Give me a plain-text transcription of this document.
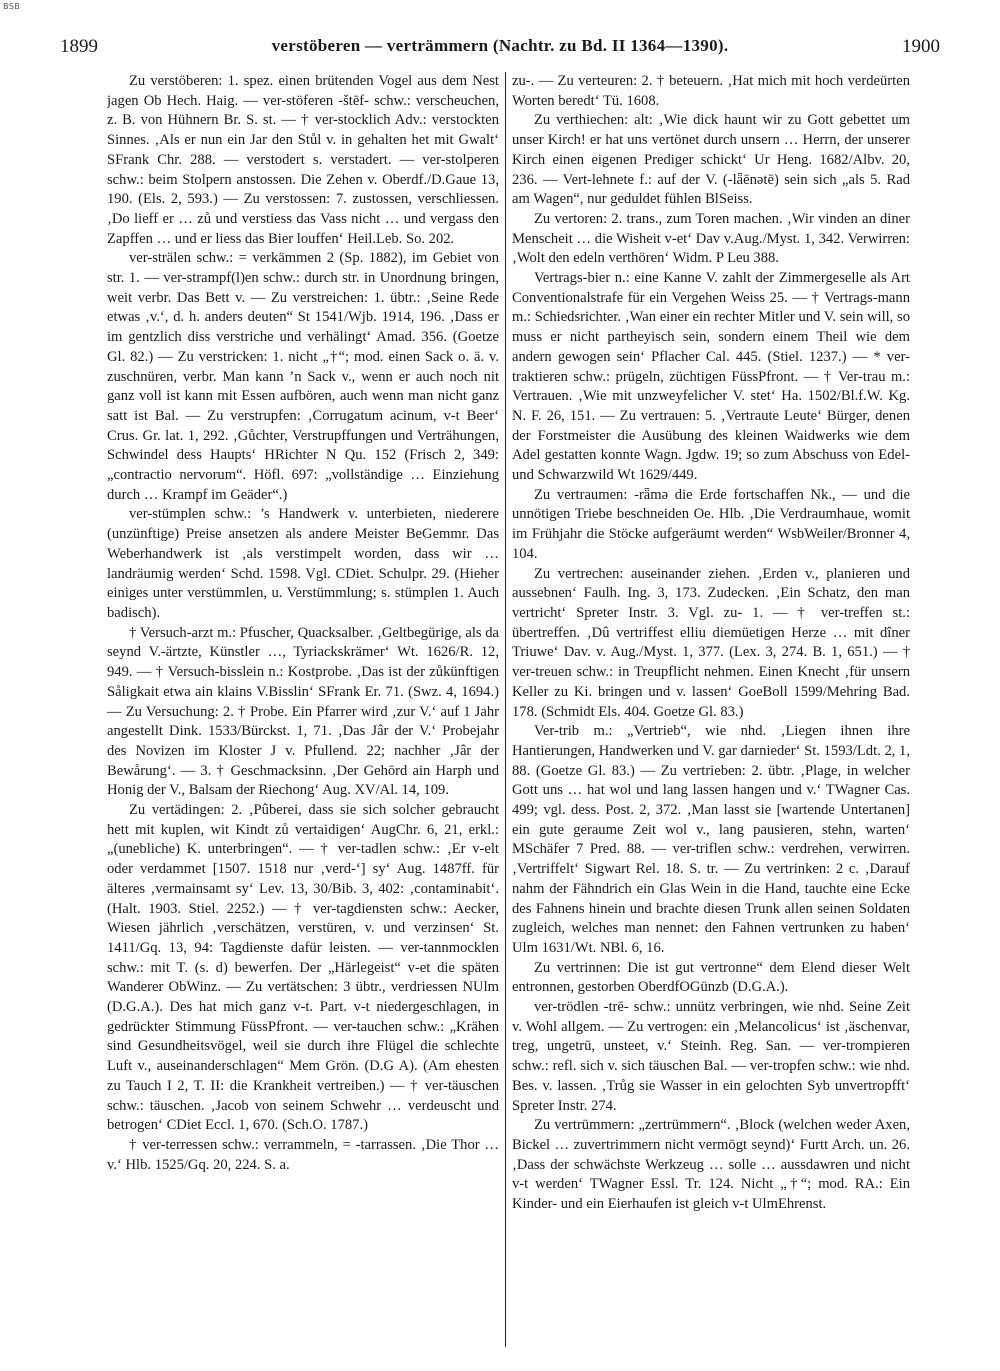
BSB
1899	verstöberen — verträmmern (Nachtr. zu Bd. II 1364—1390).	1900

Zu verstöberen: 1. spez. einen brütenden Vogel aus dem Nest jagen Ob Hech. Haig. — ver-stöferen -štēf- schw.: verscheuchen, z. B. von Hühnern Br. S. st. — † ver-stocklich Adv.: verstockten Sinnes. ‚Als er nun ein Jar den Stůl v. in gehalten het mit Gwalt‘ SFrank Chr. 288. — verstodert s. verstadert. — ver-stolperen schw.: beim Stolpern anstossen. Die Zehen v. Oberdf./D.Gaue 13, 190. (Els. 2, 593.) — Zu verstossen: 7. zustossen, verschliessen. ‚Do lieff er … zů und verstiess das Vass nicht … und vergass den Zapffen … und er liess das Bier louffen‘ Heil.Leb. So. 202.

ver-strälen schw.: = verkämmen 2 (Sp. 1882), im Gebiet von str. 1. — ver-strampf(l)en schw.: durch str. in Unordnung bringen, weit verbr. Das Bett v. — Zu verstreichen: 1. übtr.: ‚Seine Rede etwas ‚v.‘, d. h. anders deuten“ St 1541/Wjb. 1914, 196. ‚Dass er im gentzlich diss verstriche und verhälingt‘ Amad. 356. (Goetze Gl. 82.) — Zu verstricken: 1. nicht „†“; mod. einen Sack o. ä. v. zuschnüren, verbr. Man kann ’n Sack v., wenn er auch noch nit ganz voll ist kann mit Essen aufbören, auch wenn man nicht ganz satt ist Bal. — Zu verstrupfen: ‚Corrugatum acinum, v-t Beer‘ Crus. Gr. lat. 1, 292. ‚Gůchter, Verstrupffungen und Verträhungen, Schwindel dess Haupts‘ HRichter N Qu. 152 (Frisch 2, 349: „contractio nervorum“. Höfl. 697: „vollständige … Einziehung durch … Krampf im Geäder“.)

ver-stümplen schw.: ’s Handwerk v. unterbieten, niederere (unzünftige) Preise ansetzen als andere Meister BeGemmr. Das Weberhandwerk ist ‚als verstimpelt worden, dass wir … landräumig werden‘ Schd. 1598. Vgl. CDiet. Schulpr. 29. (Hieher einiges unter verstümmlen, u. Verstümmlung; s. stümplen 1. Auch badisch).

† Versuch-arzt m.: Pfuscher, Quacksalber. ‚Geltbegürige, als da seynd V.-ärtzte, Künstler …, Tyriackskrämer‘ Wt. 1626/R. 12, 949. — † Versuch-bisslein n.: Kostprobe. ‚Das ist der zůkünftigen Såligkait etwa ain klains V.Bisslin‘ SFrank Er. 71. (Swz. 4, 1694.) — Zu Versuchung: 2. † Probe. Ein Pfarrer wird ‚zur V.‘ auf 1 Jahr angestellt Dink. 1533/Bürckst. 1, 71. ‚Das Jâr der V.‘ Probejahr des Novizen im Kloster J v. Pfullend. 22; nachher ‚Jâr der Bewårung‘. — 3. † Geschmacksinn. ‚Der Gehōrd ain Harph und Honig der V., Balsam der Riechong‘ Aug. XV/Al. 14, 109.

Zu vertädingen: 2. ‚Pûberei, dass sie sich solcher gebraucht hett mit kuplen, wit Kindt zů vertaidigen‘ AugChr. 6, 21, erkl.: „(unebliche) K. unterbringen“. — † ver-tadlen schw.: ‚Er v-elt oder verdammet [1507. 1518 nur ‚verd-‘] sy‘ Aug. 1487ff. für älteres ‚vermainsamt sy‘ Lev. 13, 30/Bib. 3, 402: ‚contaminabit‘. (Halt. 1903. Stiel. 2252.) — † ver-tagdiensten schw.: Aecker, Wiesen jährlich ‚verschätzen, verstüren, v. und verzinsen‘ St. 1411/Gq. 13, 94: Tagdienste dafür leisten. — ver-tannmocklen schw.: mit T. (s. d) bewerfen. Der „Härlegeist“ v-et die späten Wanderer ObWinz. — Zu vertätschen: 3 übtr., verdriessen NUlm (D.G.A.). Des hat mich ganz v-t. Part. v-t niedergeschlagen, in gedrückter Stimmung FüssPfront. — ver-tauchen schw.: „Krähen sind Gesundheitsvögel, weil sie durch ihre Flügel die schlechte Luft v., auseinanderschlagen“ Mem Grön. (D.G A). (Am ehesten zu Tauch I 2, T. II: die Krankheit vertreiben.) — † ver-täuschen schw.: täuschen. ‚Jacob von seinem Schwehr … verdeuscht und betrogen‘ CDiet Eccl. 1, 670. (Sch.O. 1787.)

† ver-terressen schw.: verrammeln, = -tarrassen. ‚Die Thor … v.‘ Hlb. 1525/Gq. 20, 224. S. a.

zu-. — Zu verteuren: 2. † beteuern. ‚Hat mich mit hoch verdeürten Worten beredt‘ Tü. 1608.

Zu verthiechen: alt: ‚Wie dick haunt wir zu Gott gebettet um unser Kirch! er hat uns vertönet durch unsern … Herrn, der unserer Kirch einen eigenen Prediger schickt‘ Ur Heng. 1682/Albv. 20, 236. — Vert-lehnete f.: auf der V. (-lǟēnətē) sein sich „als 5. Rad am Wagen“, nur geduldet fühlen BlSeiss.

Zu vertoren: 2. trans., zum Toren machen. ‚Wir vinden an diner Menscheit … die Wisheit v-et‘ Dav v.Aug./Myst. 1, 342. Verwirren: ‚Wolt den edeln verthören‘ Widm. P Leu 388.

Vertrags-bier n.: eine Kanne V. zahlt der Zimmergeselle als Art Conventionalstrafe für ein Vergehen Weiss 25. — † Vertrags-mann m.: Schiedsrichter. ‚Wan einer ein rechter Mitler und V. sein will, so muss er nicht partheyisch sein, sondern einem Theil wie dem andern gewogen sein‘ Pflacher Cal. 445. (Stiel. 1237.) — * ver-traktieren schw.: prügeln, züchtigen FüssPfront. — † Ver-trau m.: Vertrauen. ‚Wie mit unzweyfelicher V. stet‘ Ha. 1502/Bl.f.W. Kg. N. F. 26, 151. — Zu vertrauen: 5. ‚Vertraute Leute‘ Bürger, denen der Forstmeister die Ausübung des kleinen Waidwerks wie dem Adel gestatten konnte Wagn. Jgdw. 19; so zum Abschuss von Edel- und Schwarzwild Wt 1629/449.

Zu vertraumen: -rǟmə die Erde fortschaffen Nk., — und die unnötigen Triebe beschneiden Oe. Hlb. ‚Die Verdraumhaue, womit im Frühjahr die Stöcke aufgeräumt werden“ WsbWeiler/Bronner 4, 104.

Zu vertrechen: auseinander ziehen. ‚Erden v., planieren und aussebnen‘ Faulh. Ing. 3, 173. Zudecken. ‚Ein Schatz, den man vertricht‘ Spreter Instr. 3. Vgl. zu- 1. — † ver-treffen st.: übertreffen. ‚Dû vertriffest elliu diemüetigen Herze … mit dîner Triuwe‘ Dav. v. Aug./Myst. 1, 377. (Lex. 3, 274. B. 1, 651.) — † ver-treuen schw.: in Treupflicht nehmen. Einen Knecht ‚für unsern Keller zu Ki. bringen und v. lassen‘ GoeBoll 1599/Mehring Bad. 178. (Schmidt Els. 404. Goetze Gl. 83.)

Ver-trib m.: „Vertrieb“, wie nhd. ‚Liegen ihnen ihre Hantierungen, Handwerken und V. gar darnieder‘ St. 1593/Ldt. 2, 1, 88. (Goetze Gl. 83.) — Zu vertrieben: 2. übtr. ‚Plage, in welcher Gott uns … hat wol und lang lassen hangen und v.‘ TWagner Cas. 499; vgl. dess. Post. 2, 372. ‚Man lasst sie [wartende Untertanen] ein gute geraume Zeit wol v., lang pausieren, stehn, warten‘ MSchäfer 7 Pred. 88. — ver-triflen schw.: verdrehen, verwirren. ‚Vertriffelt‘ Sigwart Rel. 18. S. tr. — Zu vertrinken: 2 c. ‚Darauf nahm der Fähndrich ein Glas Wein in die Hand, tauchte eine Ecke des Fahnens hinein und brachte diesen Trunk allen seinen Soldaten zugleich, welches man nennet: den Fahnen vertrunken zu haben‘ Ulm 1631/Wt. NBl. 6, 16.

Zu vertrinnen: Die ist gut vertronne“ dem Elend dieser Welt entronnen, gestorben OberdfOGünzb (D.G.A.).

ver-trödlen -trē- schw.: unnütz verbringen, wie nhd. Seine Zeit v. Wohl allgem. — Zu vertrogen: ein ‚Melancolicus‘ ist ‚äschenvar, treg, ungetrū, unsteet, v.‘ Steinh. Reg. San. — ver-trompieren schw.: refl. sich v. sich täuschen Bal. — ver-tropfen schw.: wie nhd. Bes. v. lassen. ‚Trůg sie Wasser in ein gelochten Syb unvertropfft‘ Spreter Instr. 274.

Zu vertrümmern: „zertrümmern“. ‚Block (welchen weder Axen, Bickel … zuvertrimmern nicht vermōgt seynd)‘ Furtt Arch. un. 26. ‚Dass der schwächste Werkzeug … solle … aussdawren und nicht v-t werden‘ TWagner Essl. Tr. 124. Nicht „†“; mod. RA.: Ein Kinder- und ein Eierhaufen ist gleich v-t UlmEhrenst.
